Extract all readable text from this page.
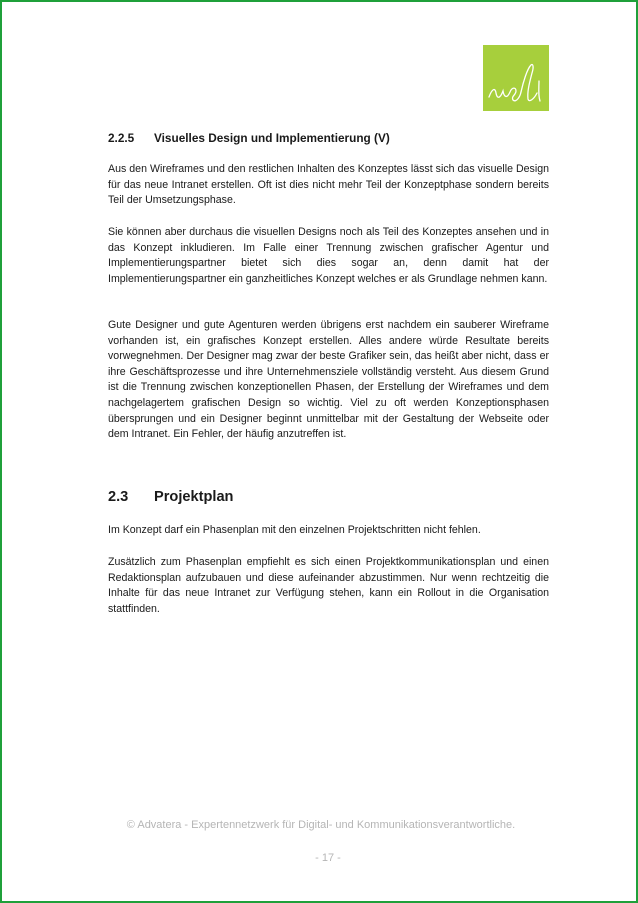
2.2.5 Visuelles Design und Implementierung (V)

Aus den Wireframes und den restlichen Inhalten des Konzeptes lässt sich das visuelle Design für das neue Intranet erstellen. Oft ist dies nicht mehr Teil der Konzeptphase sondern bereits Teil der Umsetzungsphase.

Sie können aber durchaus die visuellen Designs noch als Teil des Konzeptes ansehen und in das Konzept inkludieren. Im Falle einer Trennung zwischen grafischer Agentur und Implementierungspartner bietet sich dies sogar an, denn damit hat der Implementierungspartner ein ganzheitliches Konzept welches er als Grundlage nehmen kann.

Gute Designer und gute Agenturen werden übrigens erst nachdem ein sauberer Wireframe vorhanden ist, ein grafisches Konzept erstellen. Alles andere würde Resultate bereits vorwegnehmen. Der Designer mag zwar der beste Grafiker sein, das heißt aber nicht, dass er ihre Geschäftsprozesse und ihre Unternehmensziele vollständig versteht. Aus diesem Grund ist die Trennung zwischen konzeptionellen Phasen, der Erstellung der Wireframes und dem nachgelagertem grafischen Design so wichtig. Viel zu oft werden Konzeptionsphasen übersprungen und ein Designer beginnt unmittelbar mit der Gestaltung der Webseite oder dem Intranet. Ein Fehler, der häufig anzutreffen ist.

2.3 Projektplan

Im Konzept darf ein Phasenplan mit den einzelnen Projektschritten nicht fehlen.

Zusätzlich zum Phasenplan empfiehlt es sich einen Projektkommunikationsplan und einen Redaktionsplan aufzubauen und diese aufeinander abzustimmen. Nur wenn rechtzeitig die Inhalte für das neue Intranet zur Verfügung stehen, kann ein Rollout in die Organisation stattfinden.

© Advatera - Expertennetzwerk für Digital- und Kommunikationsverantwortliche.
- 17 -
